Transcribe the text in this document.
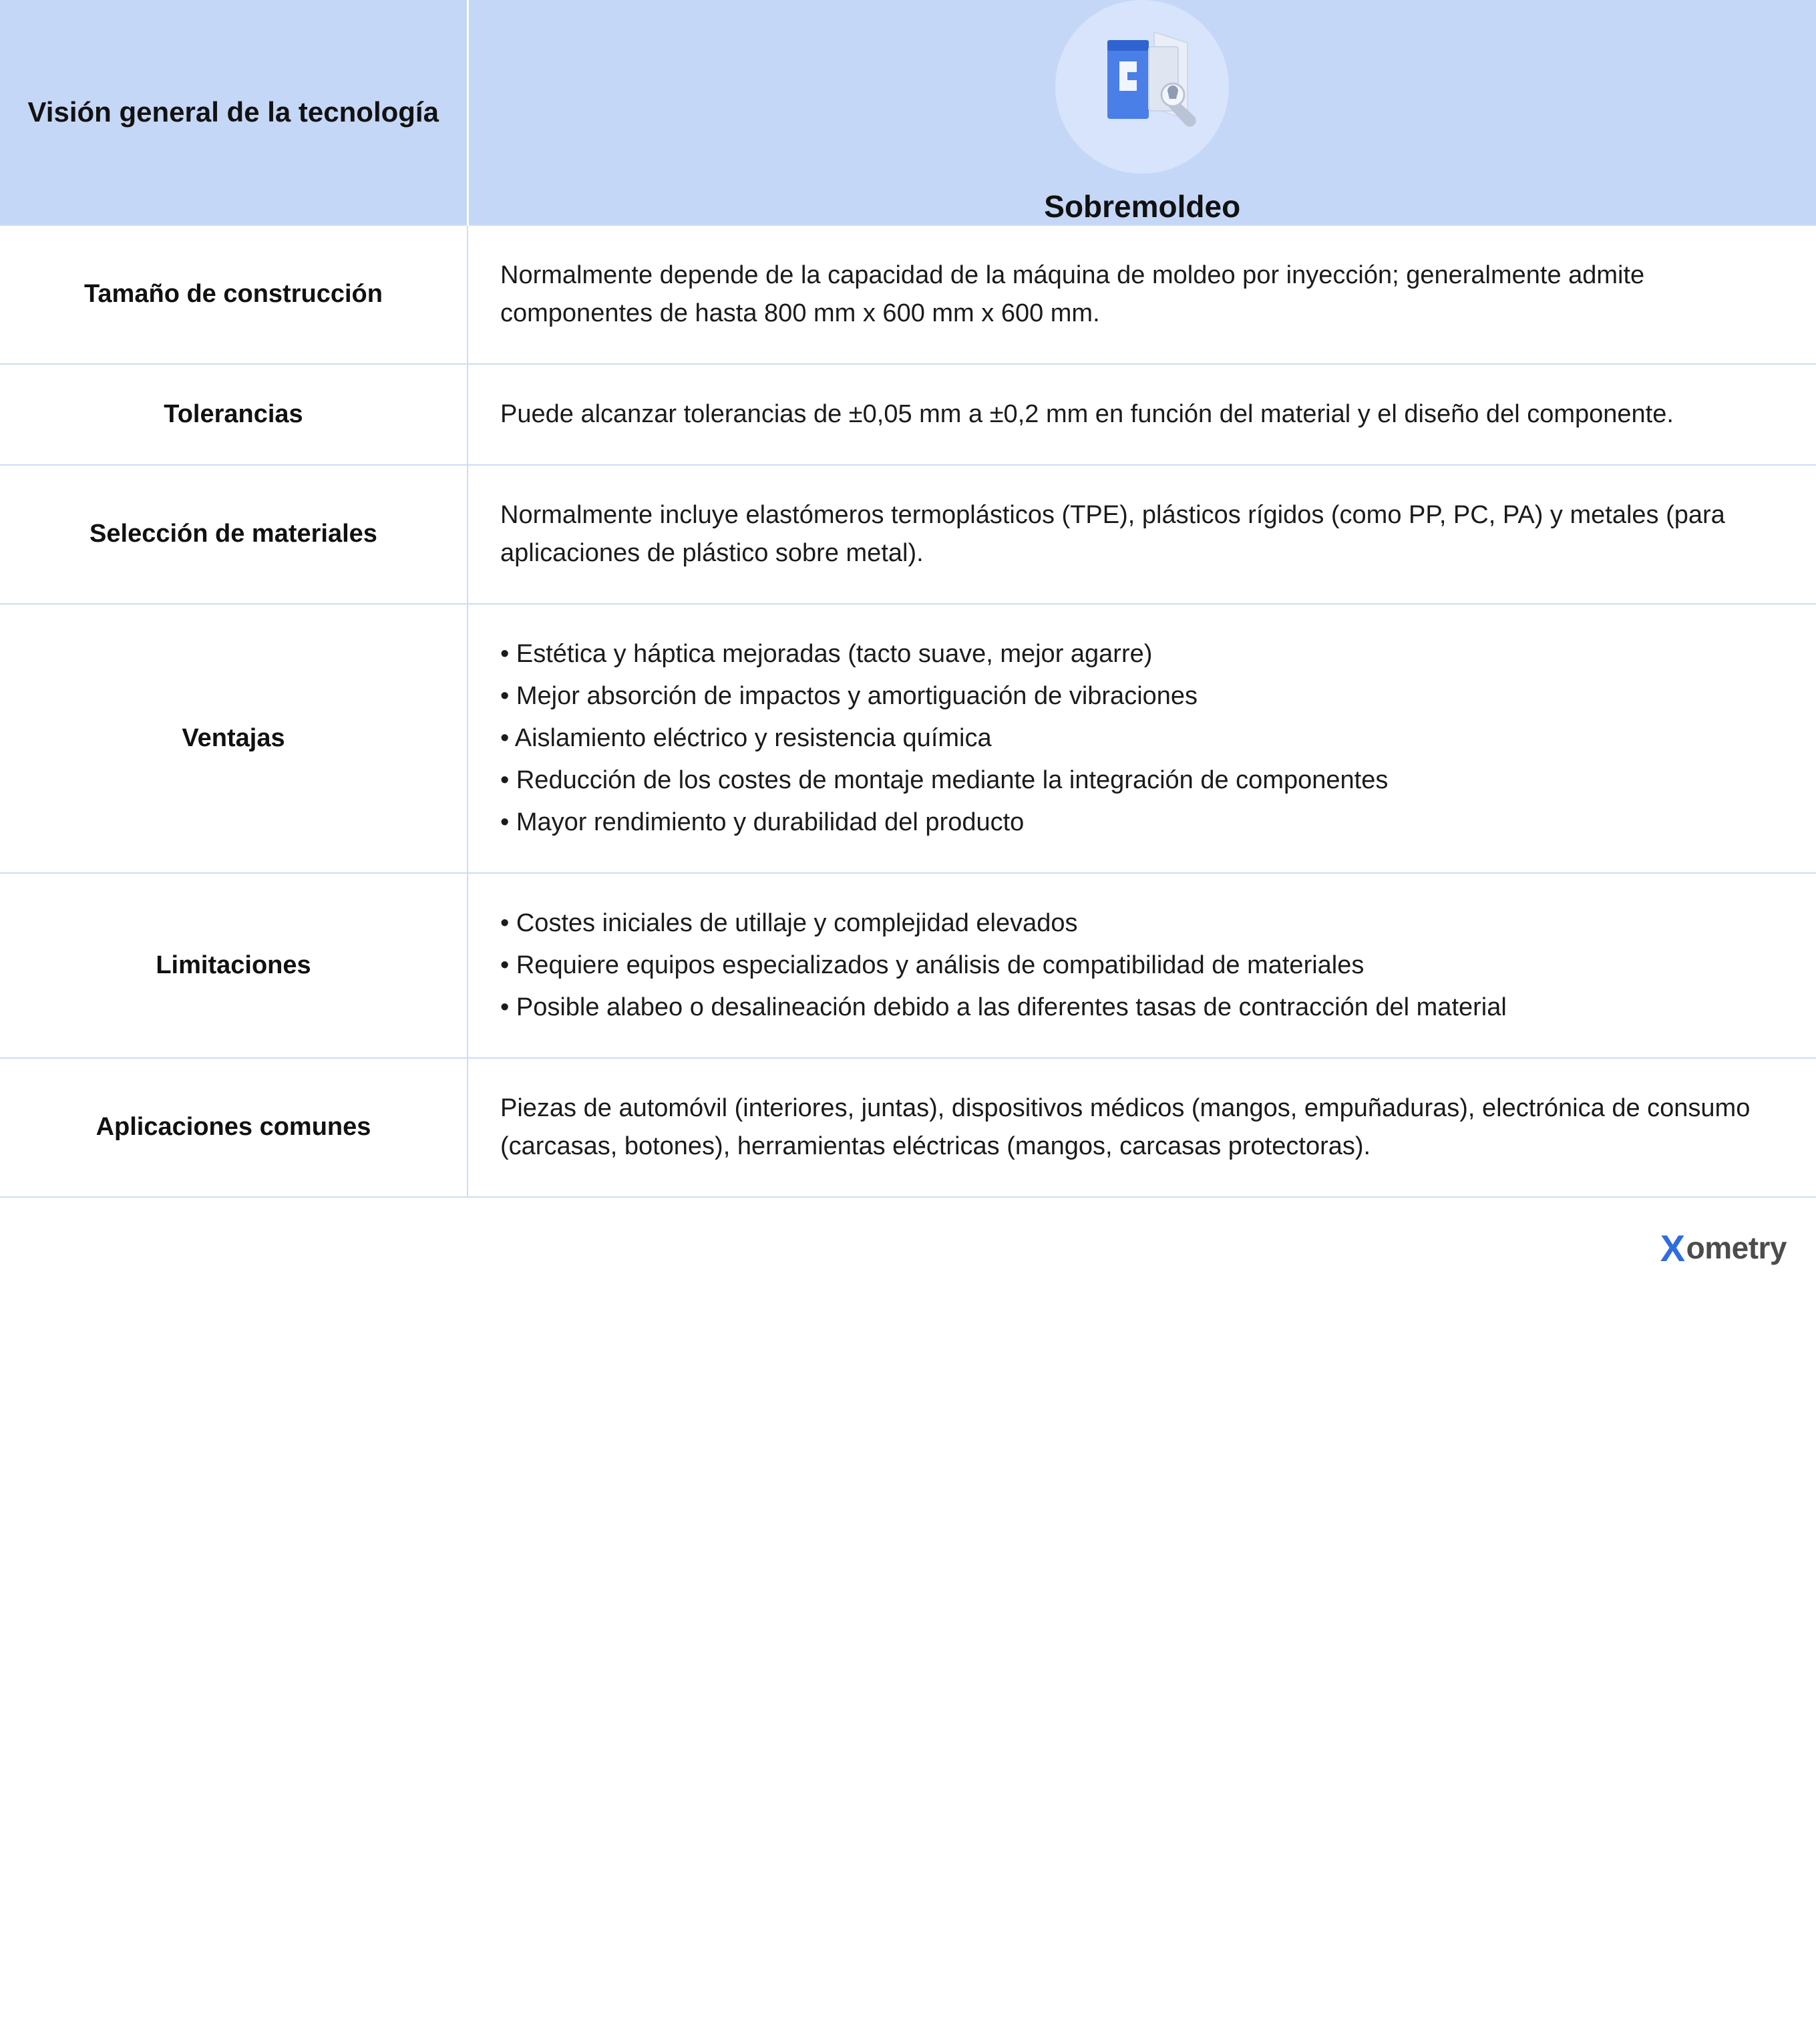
Visión general de la tecnología	Sobremoldeo

Tamaño de construcción	Normalmente depende de la capacidad de la máquina de moldeo por inyección; generalmente admite componentes de hasta 800 mm x 600 mm x 600 mm.
Tolerancias	Puede alcanzar tolerancias de ±0,05 mm a ±0,2 mm en función del material y el diseño del componente.
Selección de materiales	Normalmente incluye elastómeros termoplásticos (TPE), plásticos rígidos (como PP, PC, PA) y metales (para aplicaciones de plástico sobre metal).
Ventajas	
• Estética y háptica mejoradas (tacto suave, mejor agarre)
• Mejor absorción de impactos y amortiguación de vibraciones
• Aislamiento eléctrico y resistencia química
• Reducción de los costes de montaje mediante la integración de componentes
• Mayor rendimiento y durabilidad del producto

Limitaciones	
• Costes iniciales de utillaje y complejidad elevados
• Requiere equipos especializados y análisis de compatibilidad de materiales
• Posible alabeo o desalineación debido a las diferentes tasas de contracción del material

Aplicaciones comunes	Piezas de automóvil (interiores, juntas), dispositivos médicos (mangos, empuñaduras), electrónica de consumo (carcasas, botones), herramientas eléctricas (mangos, carcasas protectoras).

X ometry	
